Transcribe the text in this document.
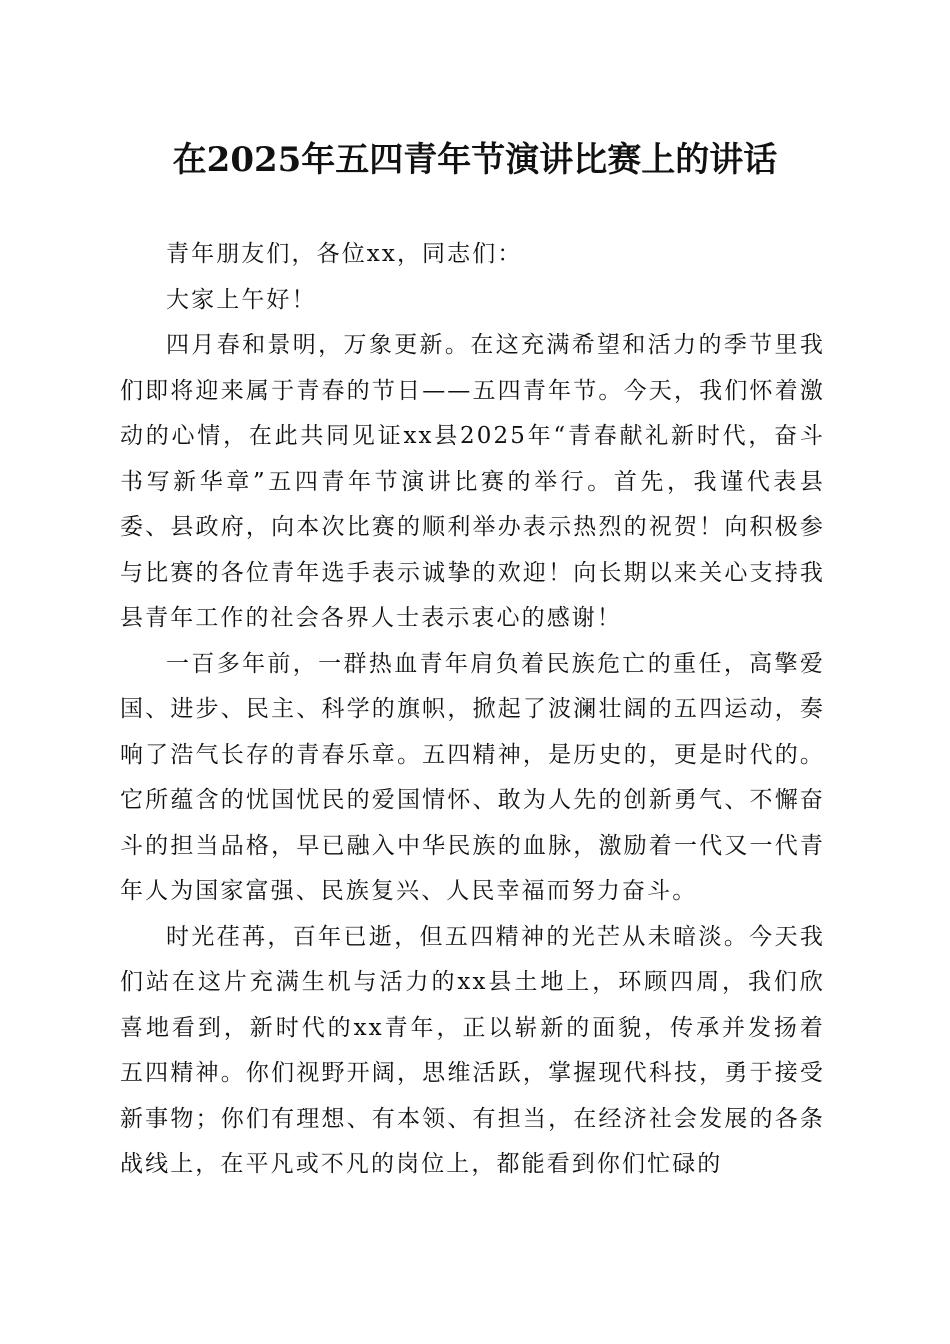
在2025年五四青年节演讲比赛上的讲话

青年朋友们，各位xx，同志们：

大家上午好！

四月春和景明，万象更新。在这充满希望和活力的季节里我们即将迎来属于青春的节日——五四青年节。今天，我们怀着激动的心情，在此共同见证xx县2025年“青春献礼新时代，奋斗书写新华章”五四青年节演讲比赛的举行。首先，我谨代表县委、县政府，向本次比赛的顺利举办表示热烈的祝贺！向积极参与比赛的各位青年选手表示诚挚的欢迎！向长期以来关心支持我县青年工作的社会各界人士表示衷心的感谢！

一百多年前，一群热血青年肩负着民族危亡的重任，高擎爱国、进步、民主、科学的旗帜，掀起了波澜壮阔的五四运动，奏响了浩气长存的青春乐章。五四精神，是历史的，更是时代的。它所蕴含的忧国忧民的爱国情怀、敢为人先的创新勇气、不懈奋斗的担当品格，早已融入中华民族的血脉，激励着一代又一代青年人为国家富强、民族复兴、人民幸福而努力奋斗。

时光荏苒，百年已逝，但五四精神的光芒从未暗淡。今天我们站在这片充满生机与活力的xx县土地上，环顾四周，我们欣喜地看到，新时代的xx青年，正以崭新的面貌，传承并发扬着五四精神。你们视野开阔，思维活跃，掌握现代科技，勇于接受新事物；你们有理想、有本领、有担当，在经济社会发展的各条战线上，在平凡或不凡的岗位上，都能看到你们忙碌的
